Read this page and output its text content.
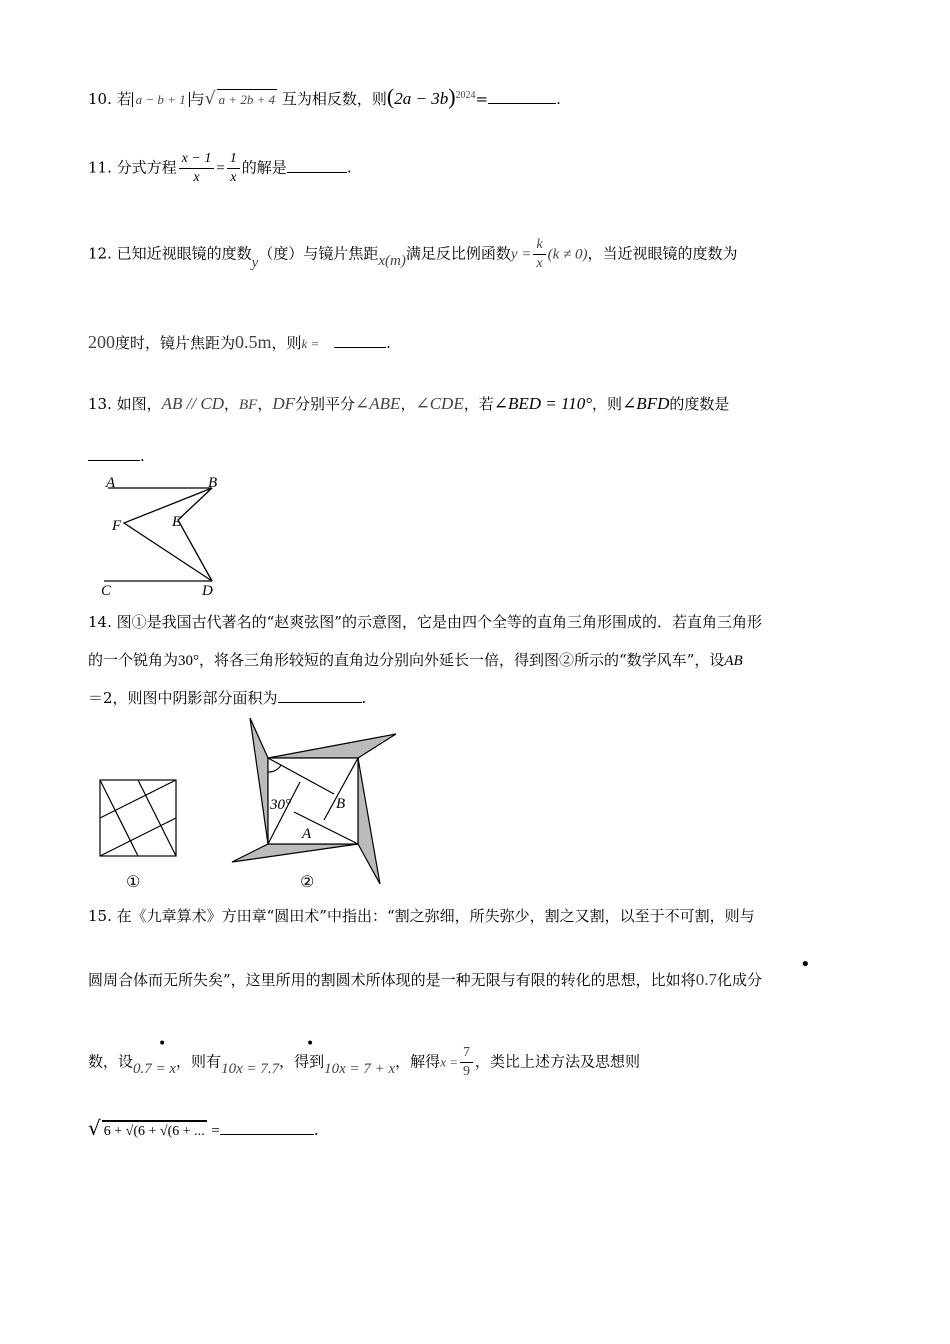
10. 若 a − b + 1 与√ a + 2b + 4 互为相反数，则$(2a - 3b)^{2024}=$	.
11. 分式方程 $\frac{x - 1}{x} = \frac{1}{x}$ 的解是	.
12. 已知近视眼镜的度数y（度）与镜片焦距x(m)满足反比例函数$y = \frac{k}{x} (k \ne 0)$，当近视眼镜的度数为
200度时，镜片焦距为0.5m，则k =	.
13. 如图，AB // CD，BF，DF分别平分∠ABE，∠CDE，若∠BED = 110°，则∠BFD的度数是
.
A	B
C	D
E
F
14. 图①是我国古代著名的“赵爽弦图”的示意图，它是由四个全等的直角三角形围成的．若直角三角形
的一个锐角为30°，将各三角形较短的直角边分别向外延长一倍，得到图②所示的“数学风车”，设AB
＝2，则图中阴影部分面积为	.
①
30°
A
B
②
15. 在《九章算术》方田章“圆田术”中指出：“割之弥细，所失弥少，割之又割，以至于不可割，则与
圆周合体而无所失矣”，这里所用的割圆术所体现的是一种无限与有限的转化的思想，比如将0.7化成分
•
数，设0.7 = x，则有10x = 7.7，得到10x = 7 + x，解得$x = \frac{7}{9}$ ，类比上述方法及思想则
•	•
√ 6 + √(6 + √(6 + ... =	.
